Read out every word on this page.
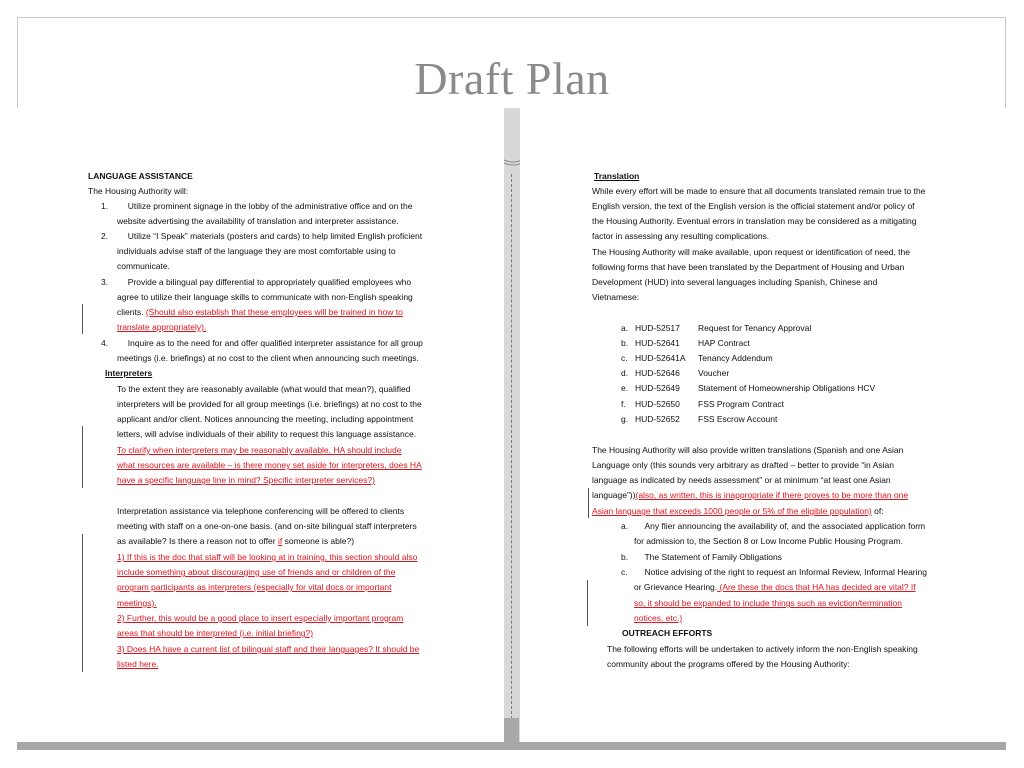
Draft Plan
LANGUAGE ASSISTANCE
The Housing Authority will:
1. Utilize prominent signage in the lobby of the administrative office and on the
website advertising the availability of translation and interpreter assistance.
2. Utilize “I Speak” materials (posters and cards) to help limited English proficient
individuals advise staff of the language they are most comfortable using to
communicate.
3. Provide a bilingual pay differential to appropriately qualified employees who
agree to utilize their language skills to communicate with non-English speaking
clients. (Should also establish that these employees will be trained in how to
translate appropriately).
4. Inquire as to the need for and offer qualified interpreter assistance for all group
meetings (i.e. briefings) at no cost to the client when announcing such meetings.
Interpreters
To the extent they are reasonably available (what would that mean?), qualified
interpreters will be provided for all group meetings (i.e. briefings) at no cost to the
applicant and/or client. Notices announcing the meeting, including appointment
letters, will advise individuals of their ability to request this language assistance.
To clarify when interpreters may be reasonably available, HA should include
what resources are available – is there money set aside for interpreters, does HA
have a specific language line in mind? Specific interpreter services?)
Interpretation assistance via telephone conferencing will be offered to clients
meeting with staff on a one-on-one basis. (and on-site bilingual staff interpreters
as available? Is there a reason not to offer if someone is able?)
1) If this is the doc that staff will be looking at in training, this section should also
include something about discouraging use of friends and or children of the
program participants as interpreters (especially for vital docs or important
meetings).
2) Further, this would be a good place to insert especially important program
areas that should be interpreted (i.e. initial briefing?)
3) Does HA have a current list of bilingual staff and their languages? It should be
listed here.
Translation
While every effort will be made to ensure that all documents translated remain true to the
English version, the text of the English version is the official statement and/or policy of
the Housing Authority. Eventual errors in translation may be considered as a mitigating
factor in assessing any resulting complications.
The Housing Authority will make available, upon request or identification of need, the
following forms that have been translated by the Department of Housing and Urban
Development (HUD) into several languages including Spanish, Chinese and
Vietnamese:
a. HUD-52517 Request for Tenancy Approval
b. HUD-52641 HAP Contract
c. HUD-52641A Tenancy Addendum
d. HUD-52646 Voucher
e. HUD-52649 Statement of Homeownership Obligations HCV
f. HUD-52650 FSS Program Contract
g. HUD-52652 FSS Escrow Account
The Housing Authority will also provide written translations (Spanish and one Asian
Language only (this sounds very arbitrary as drafted – better to provide “in Asian
language as indicated by needs assessment” or at minimum “at least one Asian
language”))(also, as written, this is inappropriate if there proves to be more than one
Asian language that exceeds 1000 people or 5% of the eligible population) of:
a. Any flier announcing the availability of, and the associated application form
for admission to, the Section 8 or Low Income Public Housing Program.
b. The Statement of Family Obligations
c. Notice advising of the right to request an Informal Review, Informal Hearing
or Grievance Hearing. (Are these the docs that HA has decided are vital? If
so, it should be expanded to include things such as eviction/termination
notices, etc.)
OUTREACH EFFORTS
The following efforts will be undertaken to actively inform the non-English speaking
community about the programs offered by the Housing Authority:
